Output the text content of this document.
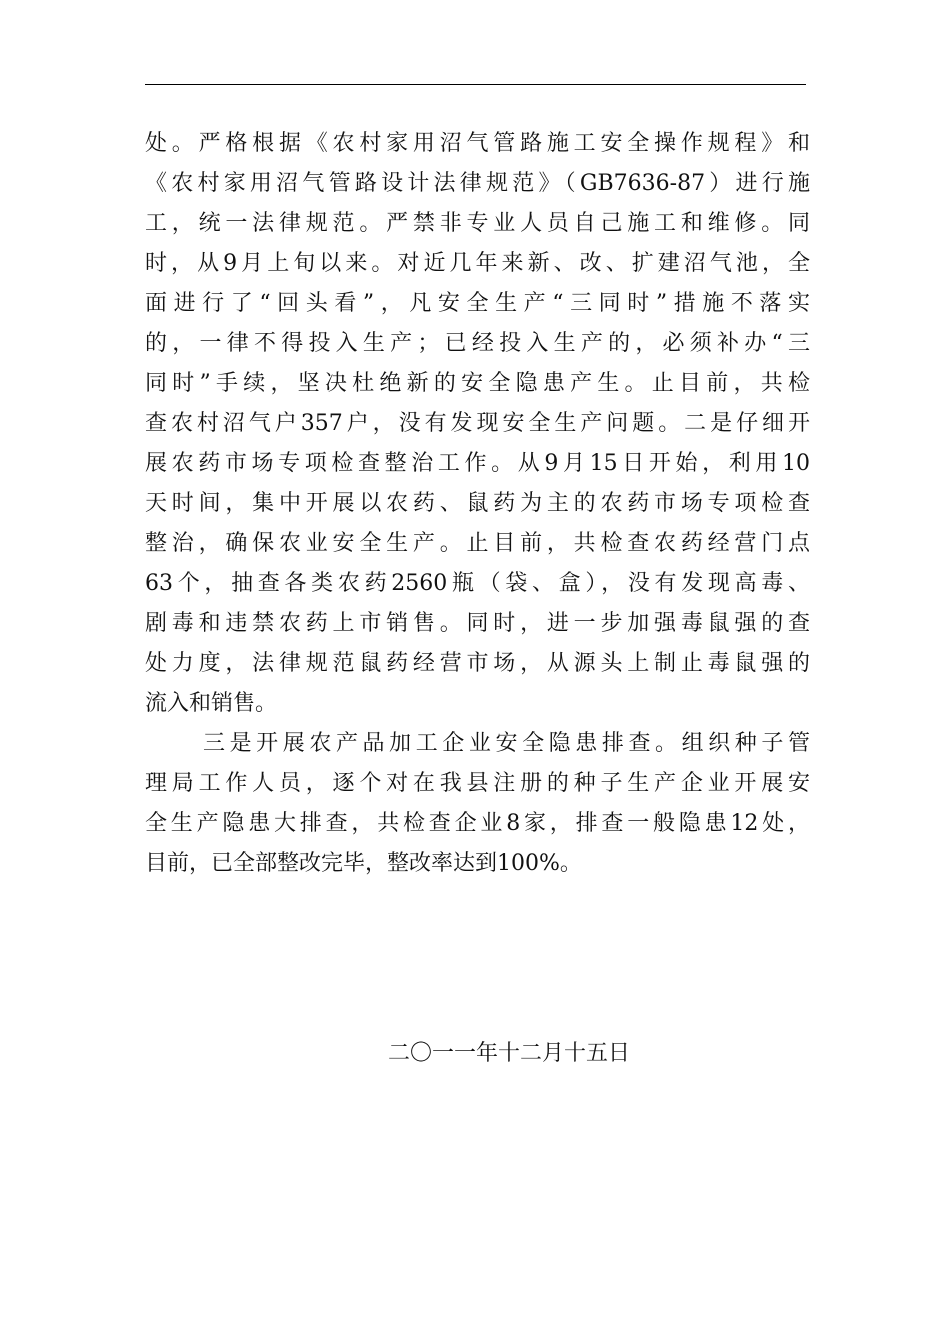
处。严格根据《农村家用沼气管路施工安全操作规程》和
《农村家用沼气管路设计法律规范》（GB7636-87）进行施
工，统一法律规范。严禁非专业人员自己施工和维修。同
时，从9月上旬以来。对近几年来新、改、扩建沼气池，全
面进行了“回头看”，凡安全生产“三同时”措施不落实
的，一律不得投入生产；已经投入生产的，必须补办“三
同时”手续，坚决杜绝新的安全隐患产生。止目前，共检
查农村沼气户357户，没有发现安全生产问题。二是仔细开
展农药市场专项检查整治工作。从9月15日开始，利用10
天时间，集中开展以农药、鼠药为主的农药市场专项检查
整治，确保农业安全生产。止目前，共检查农药经营门点
63个，抽查各类农药2560瓶（袋、盒），没有发现高毒、
剧毒和违禁农药上市销售。同时，进一步加强毒鼠强的查
处力度，法律规范鼠药经营市场，从源头上制止毒鼠强的
流入和销售。
三是开展农产品加工企业安全隐患排查。组织种子管
理局工作人员，逐个对在我县注册的种子生产企业开展安
全生产隐患大排查，共检查企业8家，排查一般隐患12处，
目前，已全部整改完毕，整改率达到100%。
二〇一一年十二月十五日
